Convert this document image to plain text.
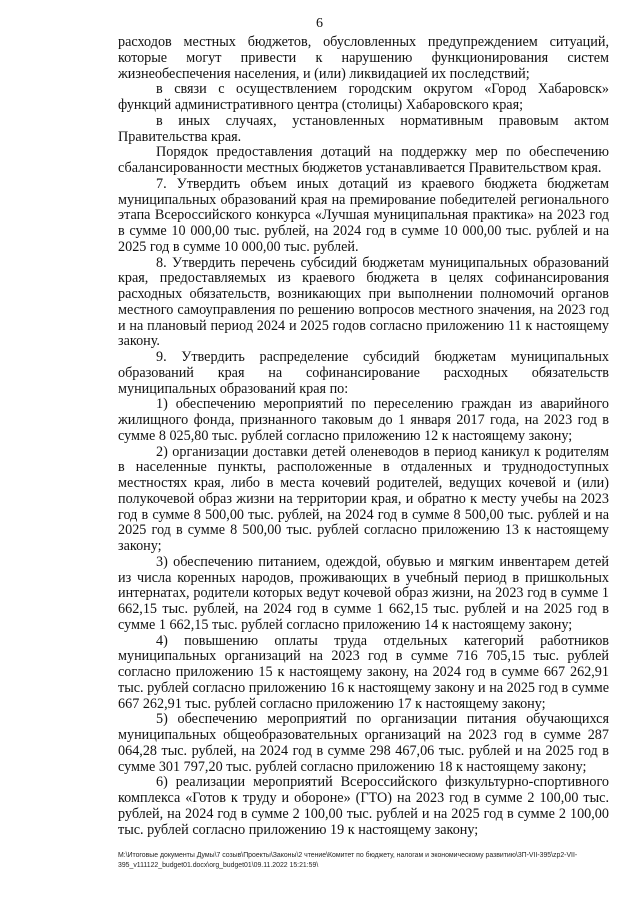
6

расходов местных бюджетов, обусловленных предупреждением ситуаций, которые могут привести к нарушению функционирования систем жизнеобеспечения населения, и (или) ликвидацией их последствий;

в связи с осуществлением городским округом «Город Хабаровск» функций административного центра (столицы) Хабаровского края;

в иных случаях, установленных нормативным правовым актом Правительства края.

Порядок предоставления дотаций на поддержку мер по обеспечению сбалансированности местных бюджетов устанавливается Правительством края.

7. Утвердить объем иных дотаций из краевого бюджета бюджетам муниципальных образований края на премирование победителей регионального этапа Всероссийского конкурса «Лучшая муниципальная практика» на 2023 год в сумме 10 000,00 тыс. рублей, на 2024 год в сумме 10 000,00 тыс. рублей и на 2025 год в сумме 10 000,00 тыс. рублей.

8. Утвердить перечень субсидий бюджетам муниципальных образований края, предоставляемых из краевого бюджета в целях софинансирования расходных обязательств, возникающих при выполнении полномочий органов местного самоуправления по решению вопросов местного значения, на 2023 год и на плановый период 2024 и 2025 годов согласно приложению 11 к настоящему закону.

9. Утвердить распределение субсидий бюджетам муниципальных образований края на софинансирование расходных обязательств муниципальных образований края по:

1) обеспечению мероприятий по переселению граждан из аварийного жилищного фонда, признанного таковым до 1 января 2017 года, на 2023 год в сумме 8 025,80 тыс. рублей согласно приложению 12 к настоящему закону;

2) организации доставки детей оленеводов в период каникул к родителям в населенные пункты, расположенные в отдаленных и труднодоступных местностях края, либо в места кочевий родителей, ведущих кочевой и (или) полукочевой образ жизни на территории края, и обратно к месту учебы на 2023 год в сумме 8 500,00 тыс. рублей, на 2024 год в сумме 8 500,00 тыс. рублей и на 2025 год в сумме 8 500,00 тыс. рублей согласно приложению 13 к настоящему закону;

3) обеспечению питанием, одеждой, обувью и мягким инвентарем детей из числа коренных народов, проживающих в учебный период в пришкольных интернатах, родители которых ведут кочевой образ жизни, на 2023 год в сумме 1 662,15 тыс. рублей, на 2024 год в сумме 1 662,15 тыс. рублей и на 2025 год в сумме 1 662,15 тыс. рублей согласно приложению 14 к настоящему закону;

4) повышению оплаты труда отдельных категорий работников муниципальных организаций на 2023 год в сумме 716 705,15 тыс. рублей согласно приложению 15 к настоящему закону, на 2024 год в сумме 667 262,91 тыс. рублей согласно приложению 16 к настоящему закону и на 2025 год в сумме 667 262,91 тыс. рублей согласно приложению 17 к настоящему закону;

5) обеспечению мероприятий по организации питания обучающихся муниципальных общеобразовательных организаций на 2023 год в сумме 287 064,28 тыс. рублей, на 2024 год в сумме 298 467,06 тыс. рублей и на 2025 год в сумме 301 797,20 тыс. рублей согласно приложению 18 к настоящему закону;

6) реализации мероприятий Всероссийского физкультурно-спортивного комплекса «Готов к труду и обороне» (ГТО) на 2023 год в сумме 2 100,00 тыс. рублей, на 2024 год в сумме 2 100,00 тыс. рублей и на 2025 год в сумме 2 100,00 тыс. рублей согласно приложению 19 к настоящему закону;

M:\Итоговые документы Думы\7 созыв\Проекты\Законы\2 чтение\Комитет по бюджету, налогам и экономическому развитию\3П-VII-395\zp2-VII-
395_v111122_budget01.docx\org_budget01\09.11.2022 15:21:59\
